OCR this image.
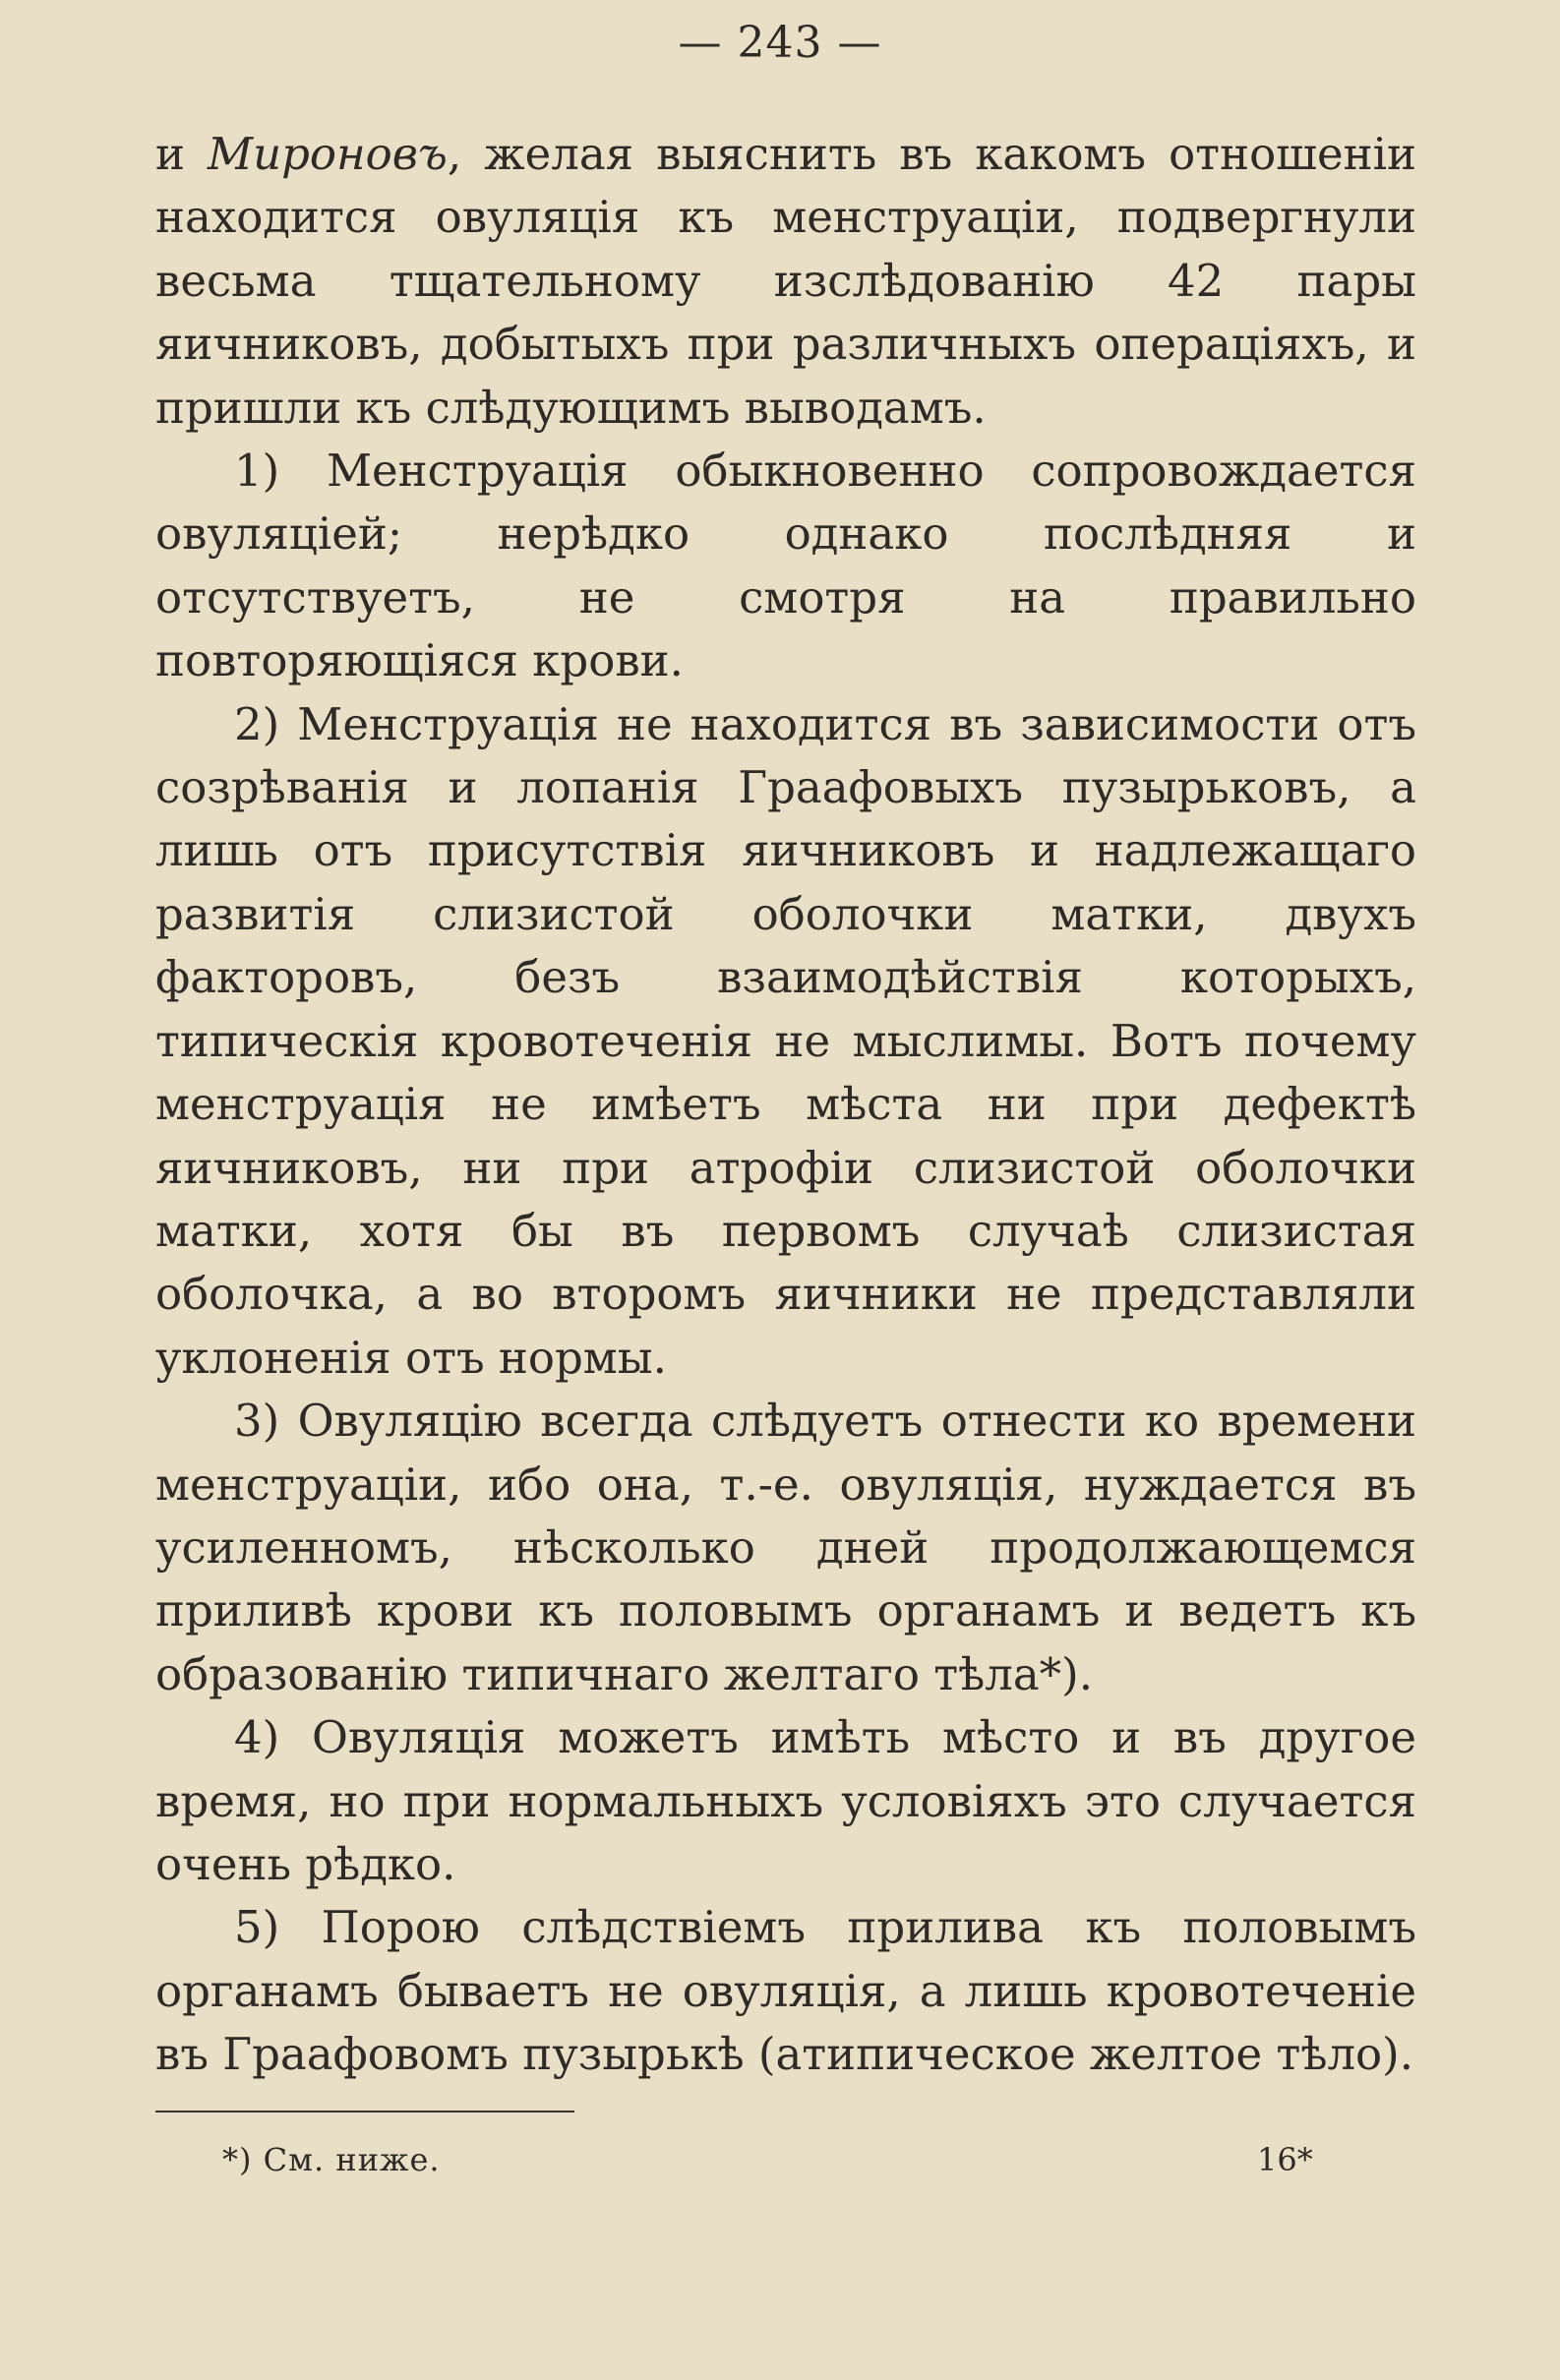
— 243 —

и Мироновъ, желая выяснить въ какомъ отношеніи находится овуляція къ менструаціи, подвергнули весьма тщательному изслѣдованію 42 пары яичниковъ, добытыхъ при различныхъ операціяхъ, и пришли къ слѣдующимъ выводамъ.

1) Менструація обыкновенно сопровождается овуляціей; нерѣдко однако послѣдняя и отсутствуетъ, не смотря на правильно повторяющіяся крови.

2) Менструація не находится въ зависимости отъ созрѣванія и лопанія Граафовыхъ пузырьковъ, а лишь отъ присутствія яичниковъ и надлежащаго развитія слизистой оболочки матки, двухъ факторовъ, безъ взаимодѣйствія которыхъ, типическія кровотеченія не мыслимы. Вотъ почему менструація не имѣетъ мѣста ни при дефектѣ яичниковъ, ни при атрофіи слизистой оболочки матки, хотя бы въ первомъ случаѣ слизистая оболочка, а во второмъ яичники не представляли уклоненія отъ нормы.

3) Овуляцію всегда слѣдуетъ отнести ко времени менструаціи, ибо она, т.-е. овуляція, нуждается въ усиленномъ, нѣсколько дней продолжающемся приливѣ крови къ половымъ органамъ и ведетъ къ образованію типичнаго желтаго тѣла*).

4) Овуляція можетъ имѣть мѣсто и въ другое время, но при нормальныхъ условіяхъ это случается очень рѣдко.

5) Порою слѣдствіемъ прилива къ половымъ органамъ бываетъ не овуляція, а лишь кровотеченіе въ Граафовомъ пузырькѣ (атипическое желтое тѣло).

*) См. ниже.	16*
